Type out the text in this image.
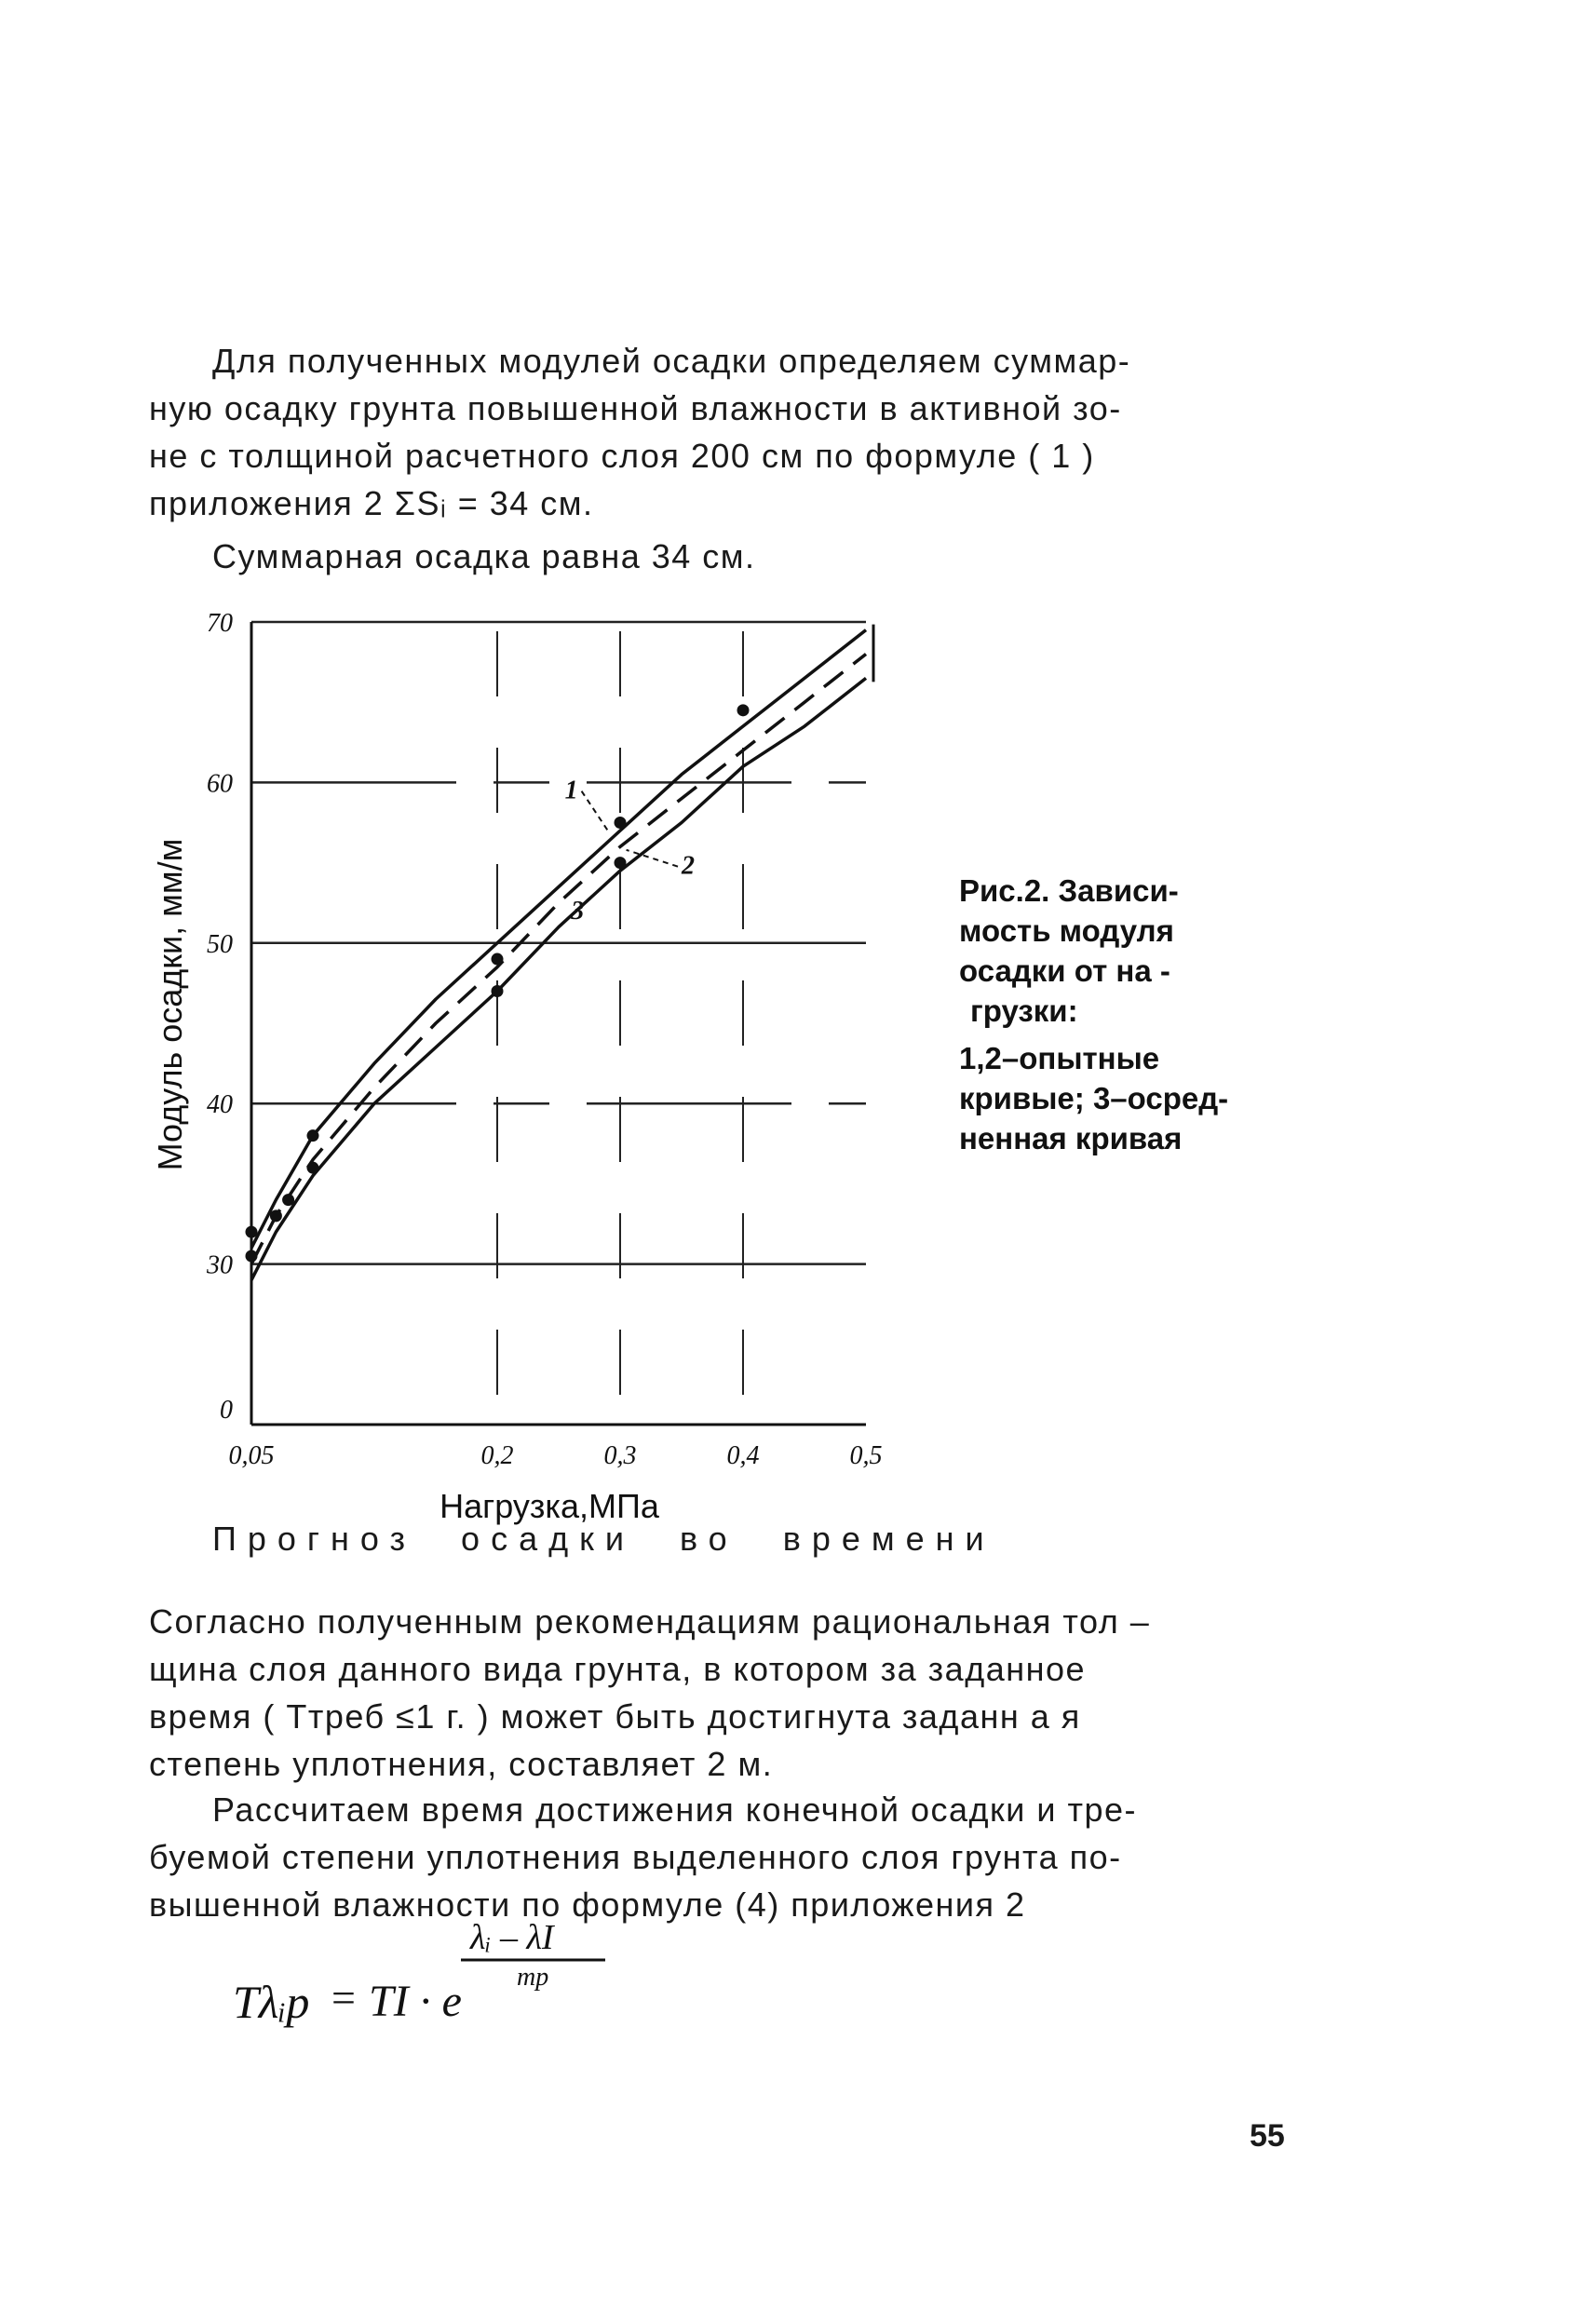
Для полученных модулей осадки определяем суммар-
ную осадку грунта повышенной влажности в активной зо-
не с толщиной расчетного слоя 200 см по формуле ( 1 )
приложения 2 ΣSᵢ = 34 см.
Суммарная осадка равна 34 см.
0
30
40
50
60
70
0,05	0,2	0,3	0,4	0,5
Нагрузка,МПа
Модуль осадки, мм/м
1
2
3
Рис.2. Зависи-
мость модуля
осадки от на -
грузки:
1,2–опытные
кривые; 3–осред-
ненная кривая
Прогноз осадки во времени
Согласно полученным рекомендациям рациональная тол –
щина слоя данного вида грунта, в котором за заданное
время ( Tтреб ≤1 г. ) может быть достигнута заданн а я
степень уплотнения, составляет 2 м.
Рассчитаем время достижения конечной осадки и тре-
буемой степени уплотнения выделенного слоя грунта по-
вышенной влажности по формуле (4) приложения 2
Tλᵢp = TI · e
λᵢ – λI
mp
55
